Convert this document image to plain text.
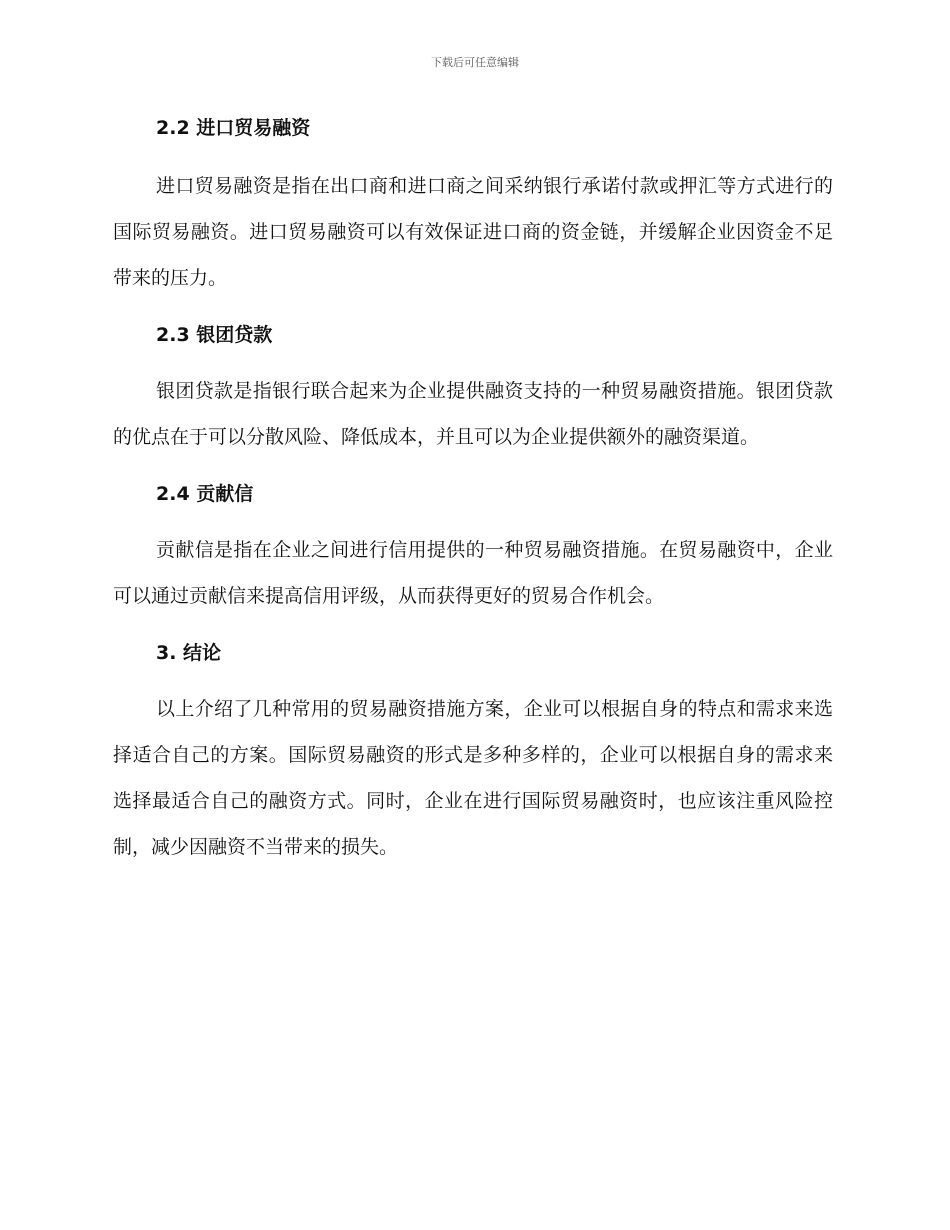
下载后可任意编辑
2.2 进口贸易融资

进口贸易融资是指在出口商和进口商之间采纳银行承诺付款或押汇等方式进行的国际贸易融资。进口贸易融资可以有效保证进口商的资金链，并缓解企业因资金不足带来的压力。

2.3 银团贷款

银团贷款是指银行联合起来为企业提供融资支持的一种贸易融资措施。银团贷款的优点在于可以分散风险、降低成本，并且可以为企业提供额外的融资渠道。

2.4 贡献信

贡献信是指在企业之间进行信用提供的一种贸易融资措施。在贸易融资中，企业可以通过贡献信来提高信用评级，从而获得更好的贸易合作机会。

3. 结论

以上介绍了几种常用的贸易融资措施方案，企业可以根据自身的特点和需求来选择适合自己的方案。国际贸易融资的形式是多种多样的，企业可以根据自身的需求来选择最适合自己的融资方式。同时，企业在进行国际贸易融资时，也应该注重风险控制，减少因融资不当带来的损失。
